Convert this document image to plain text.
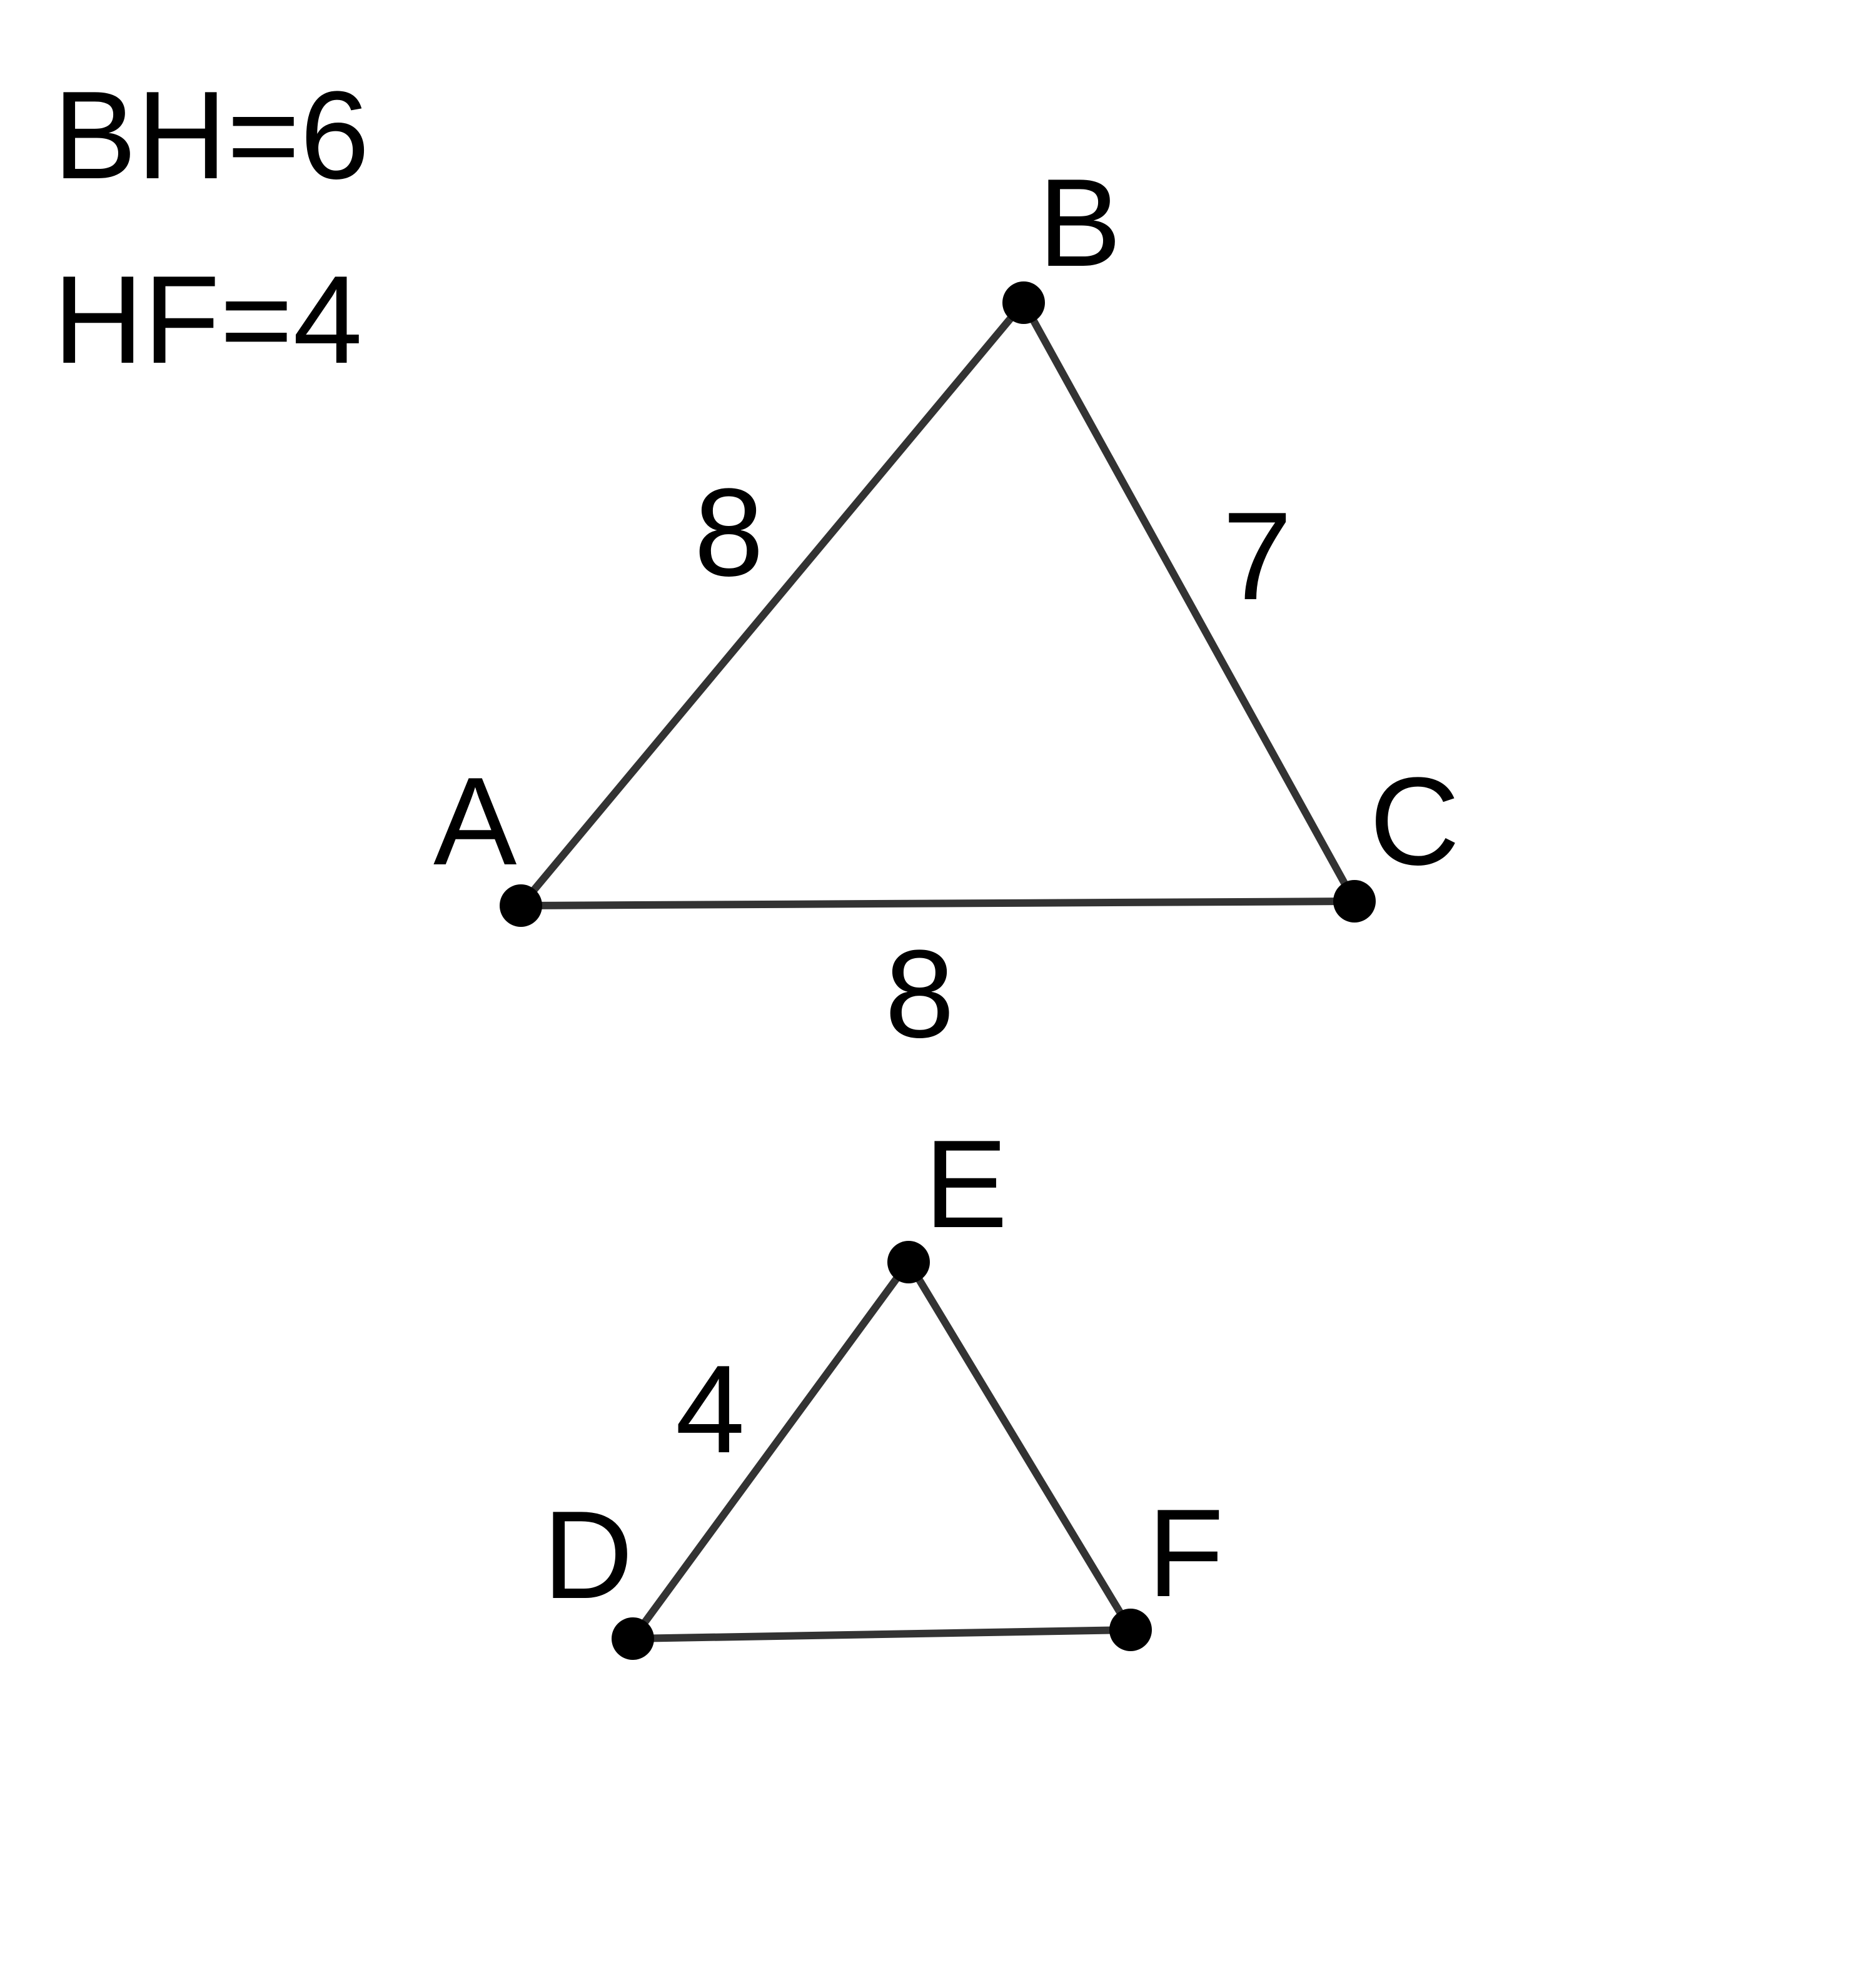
BH=6
HF=4
A
B
C
8	7
8
D
E
F
4
